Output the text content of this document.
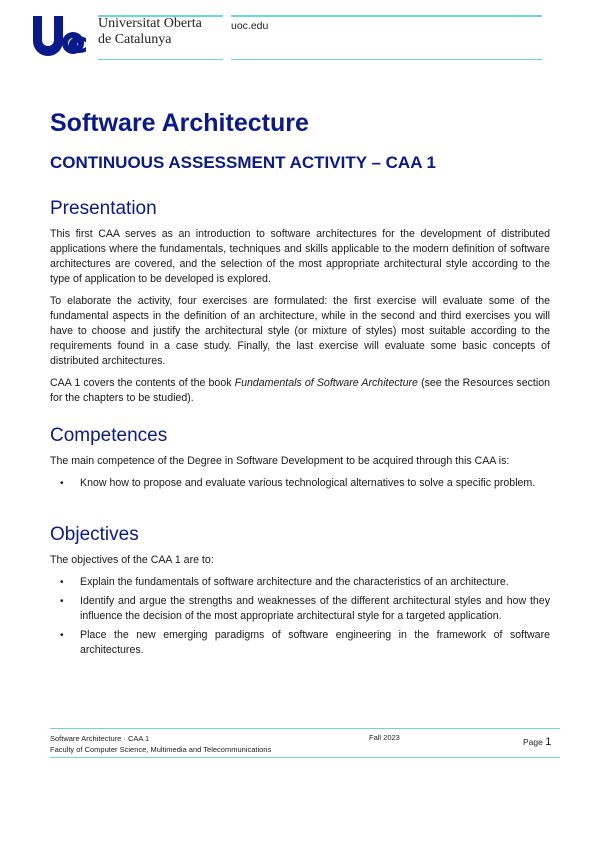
Universitat Oberta
de Catalunya
uoc.edu
Software Architecture
CONTINUOUS ASSESSMENT ACTIVITY – CAA 1
Presentation

This first CAA serves as an introduction to software architectures for the development of distributed applications where the fundamentals, techniques and skills applicable to the modern definition of software architectures are covered, and the selection of the most appropriate architectural style according to the type of application to be developed is explored.

To elaborate the activity, four exercises are formulated: the first exercise will evaluate some of the fundamental aspects in the definition of an architecture, while in the second and third exercises you will have to choose and justify the architectural style (or mixture of styles) most suitable according to the requirements found in a case study. Finally, the last exercise will evaluate some basic concepts of distributed architectures.

CAA 1 covers the contents of the book Fundamentals of Software Architecture (see the Resources section for the chapters to be studied).

Competences

The main competence of the Degree in Software Development to be acquired through this CAA is:

• Know how to propose and evaluate various technological alternatives to solve a specific problem.
Objectives

The objectives of the CAA 1 are to:

• Explain the fundamentals of software architecture and the characteristics of an architecture.
• Identify and argue the strengths and weaknesses of the different architectural styles and how they influence the decision of the most appropriate architectural style for a targeted application.
• Place the new emerging paradigms of software engineering in the framework of software architectures.
Software Architecture · CAA 1
Faculty of Computer Science, Multimedia and Telecommunications
Fall 2023	Page 1
